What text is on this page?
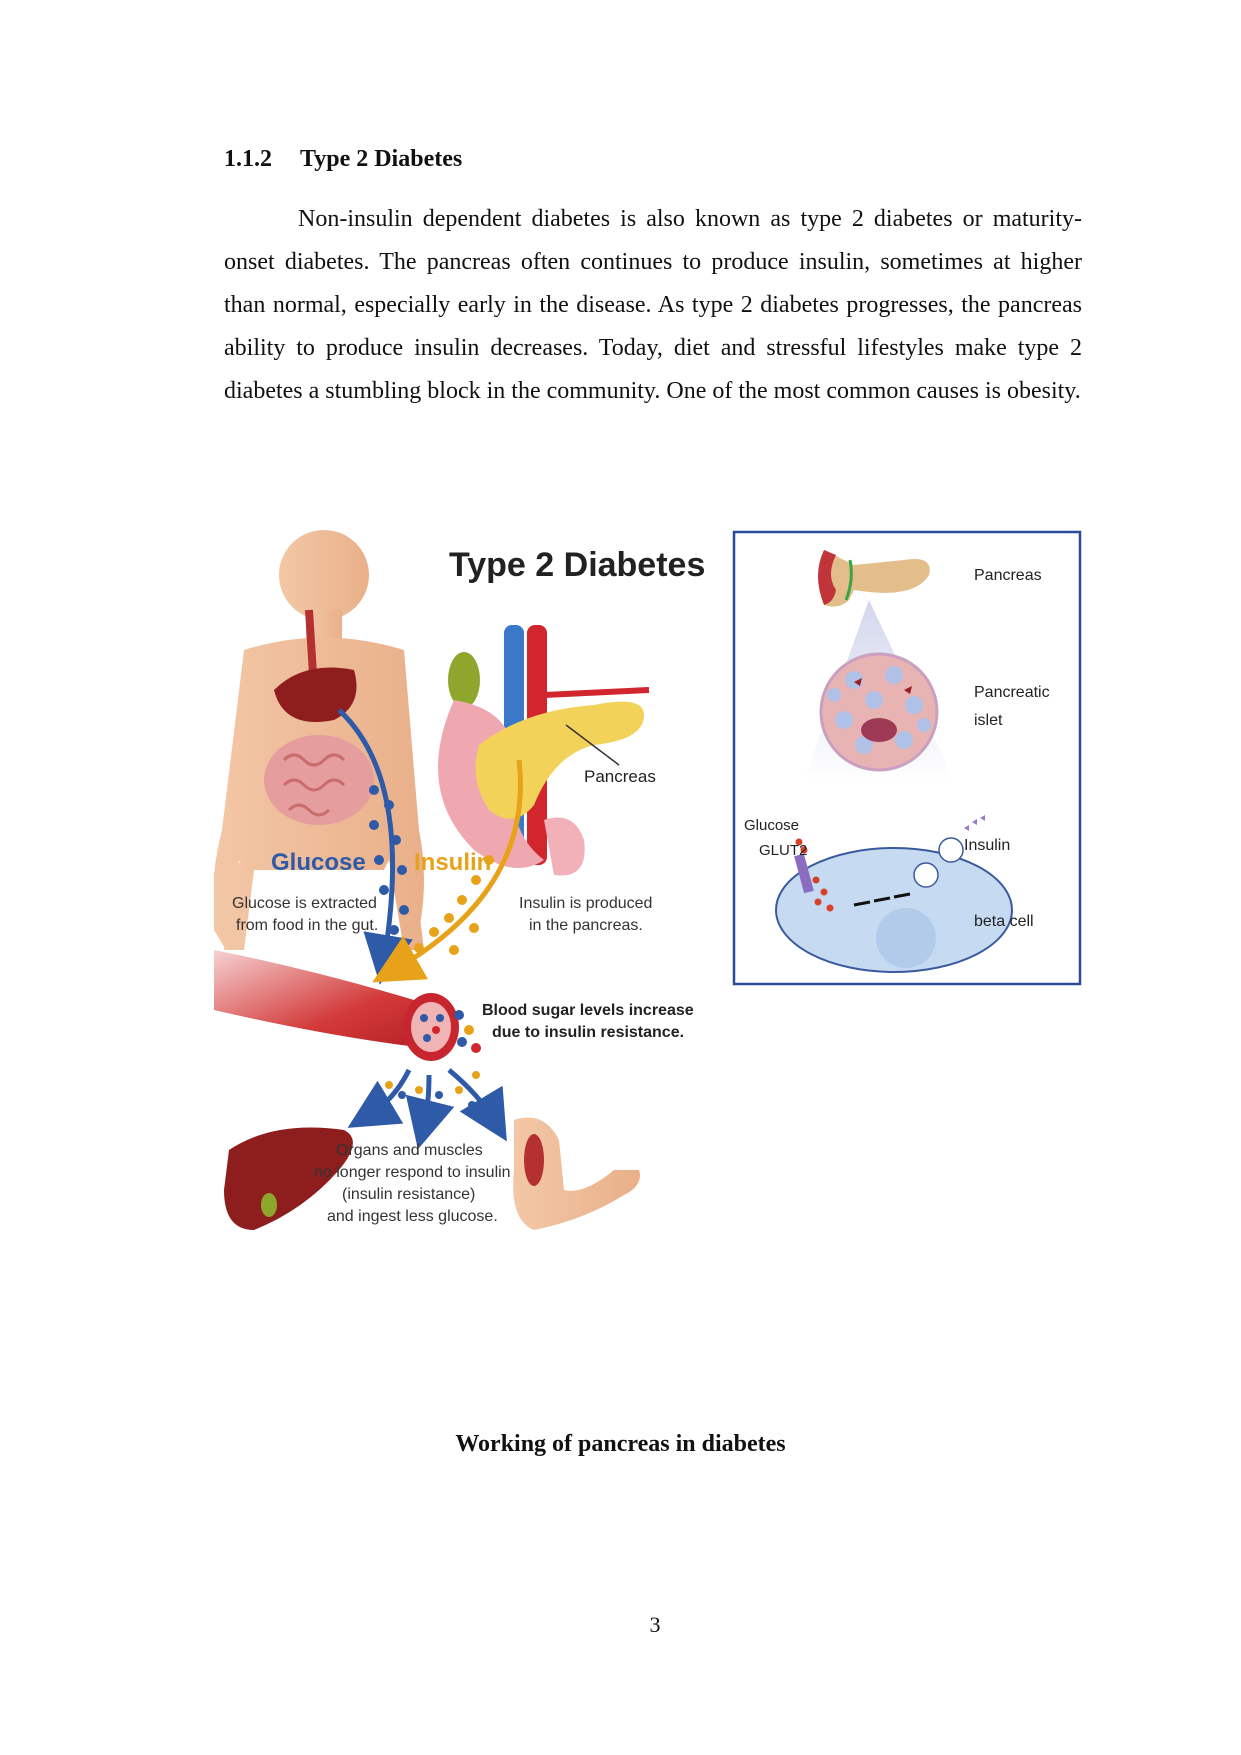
1.1.2 Type 2 Diabetes

Non-insulin dependent diabetes is also known as type 2 diabetes or maturity-onset diabetes. The pancreas often continues to produce insulin, sometimes at higher than normal, especially early in the disease. As type 2 diabetes progresses, the pancreas ability to produce insulin decreases. Today, diet and stressful lifestyles make type 2 diabetes a stumbling block in the community. One of the most common causes is obesity.

Type 2 Diabetes
Pancreas
Glucose Insulin
Glucose is extracted
from food in the gut.
Insulin is produced
in the pancreas.
Blood sugar levels increase
due to insulin resistance.
Organs and muscles
no longer respond to insulin
(insulin resistance)
and ingest less glucose.
Pancreas
Pancreatic
islet
Glucose
GLUT2	Insulin
beta cell

Working of pancreas in diabetes

3
